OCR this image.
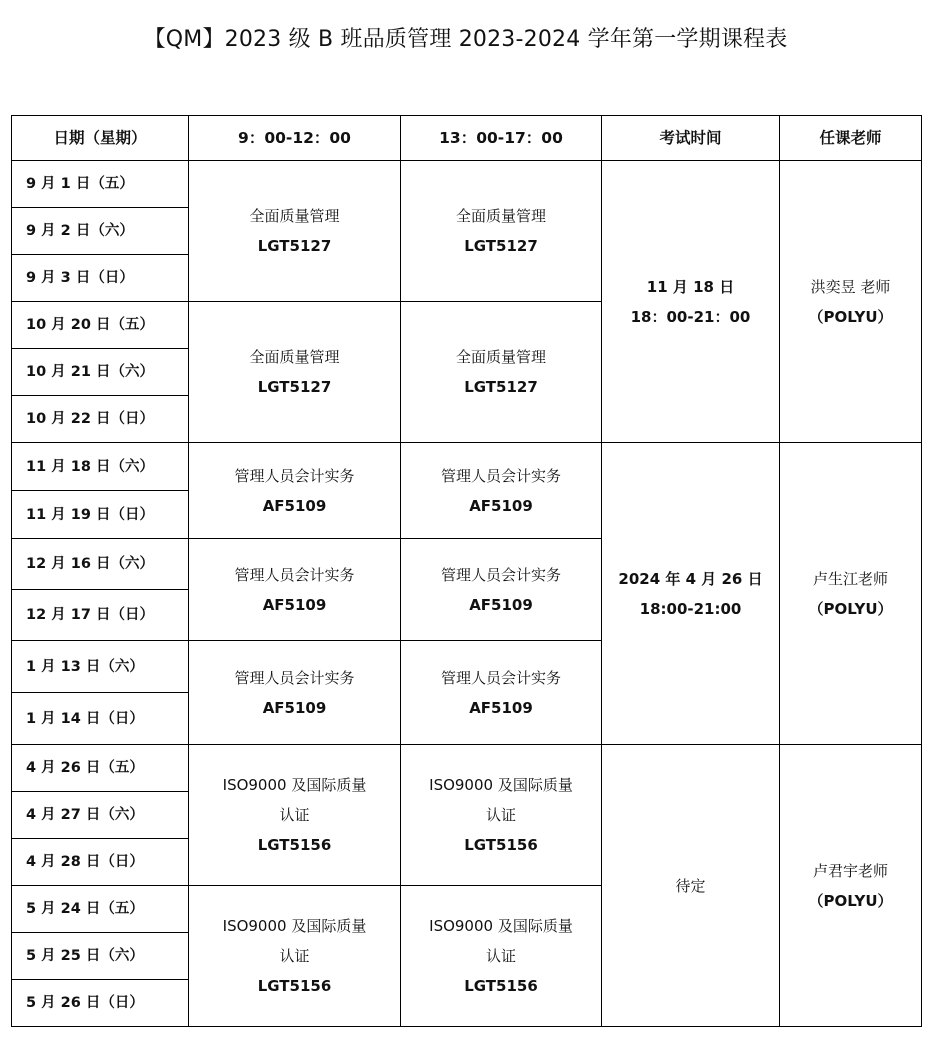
【QM】2023 级 B 班品质管理 2023-2024 学年第一学期课程表
日期（星期）	9：00-12：00	13：00-17：00	考试时间	任课老师
9 月 1 日（五）	全面质量管理
LGT5127	全面质量管理
LGT5127	11 月 18 日
18：00-21：00	洪奕昱 老师
（POLYU）

9 月 2 日（六）				
9 月 3 日（日）				
10 月 20 日（五）	全面质量管理
LGT5127	全面质量管理
LGT5127		

10 月 21 日（六）				
10 月 22 日（日）				
11 月 18 日（六）	管理人员会计实务
AF5109	管理人员会计实务
AF5109	2024 年 4 月 26 日
18:00-21:00	卢生江老师
（POLYU）

11 月 19 日（日）				
12 月 16 日（六）	管理人员会计实务
AF5109	管理人员会计实务
AF5109		

12 月 17 日（日）				
1 月 13 日（六）	管理人员会计实务
AF5109	管理人员会计实务
AF5109		

1 月 14 日（日）				
4 月 26 日（五）	ISO9000 及国际质量
认证
LGT5156	ISO9000 及国际质量
认证
LGT5156	待定	卢君宇老师
（POLYU）

4 月 27 日（六）				
4 月 28 日（日）				
5 月 24 日（五）	ISO9000 及国际质量
认证
LGT5156	ISO9000 及国际质量
认证
LGT5156		

5 月 25 日（六）				
5 月 26 日（日）				
